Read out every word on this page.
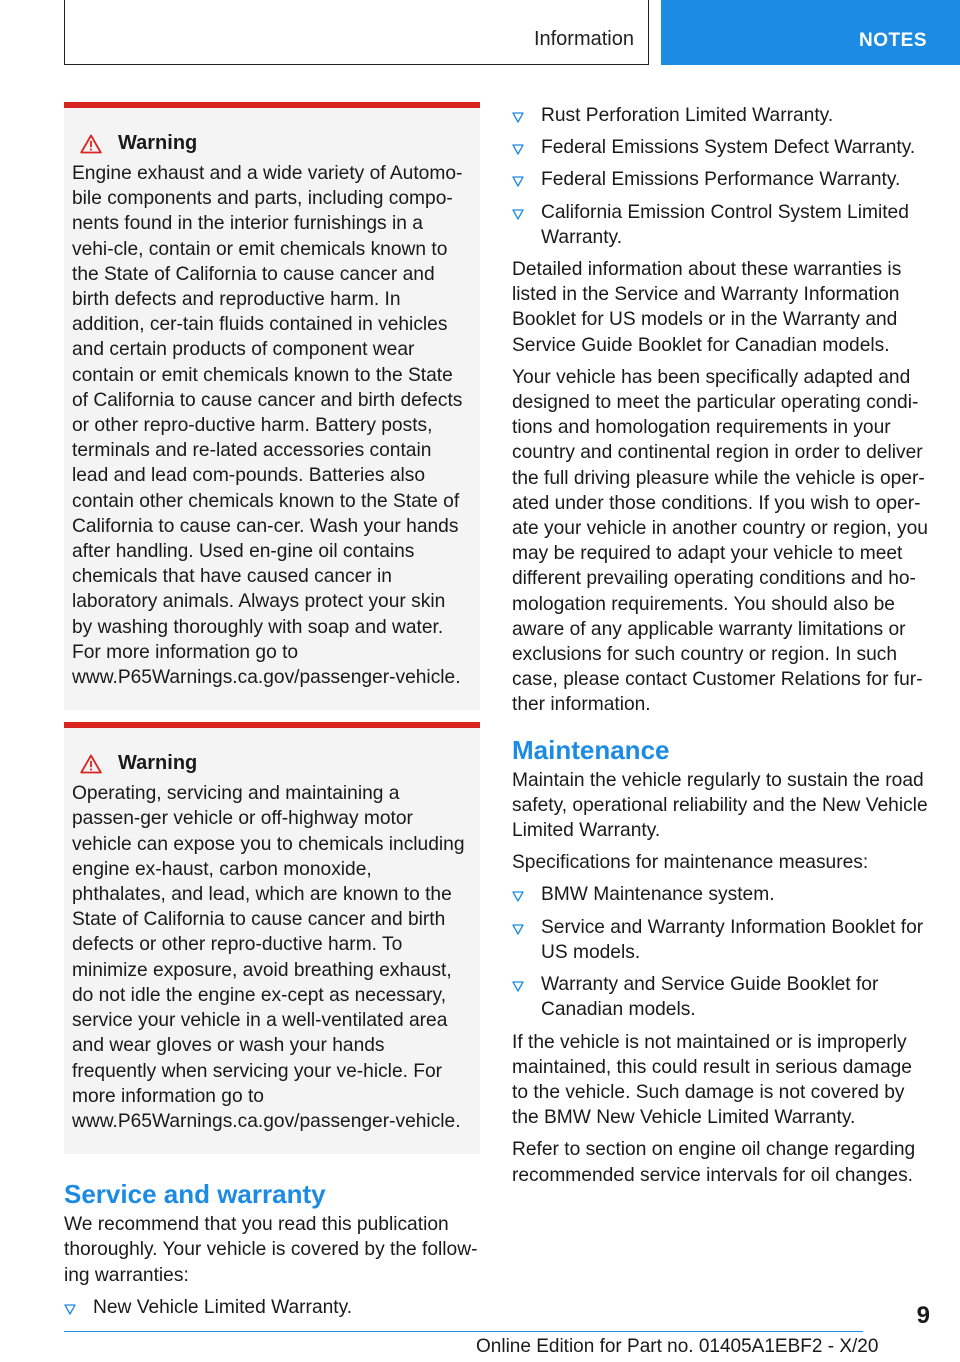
Information	NOTES
Warning
Engine exhaust and a wide variety of Automo-bile components and parts, including compo-nents found in the interior furnishings in a vehi-cle, contain or emit chemicals known to the State of California to cause cancer and birth defects and reproductive harm. In addition, cer-tain fluids contained in vehicles and certain products of component wear contain or emit chemicals known to the State of California to cause cancer and birth defects or other repro-ductive harm. Battery posts, terminals and re-lated accessories contain lead and lead com-pounds. Batteries also contain other chemicals known to the State of California to cause can-cer. Wash your hands after handling. Used en-gine oil contains chemicals that have caused cancer in laboratory animals. Always protect your skin by washing thoroughly with soap and water. For more information go to www.P65Warnings.ca.gov/passenger-vehicle.
Warning
Operating, servicing and maintaining a passen-ger vehicle or off-highway motor vehicle can expose you to chemicals including engine ex-haust, carbon monoxide, phthalates, and lead, which are known to the State of California to cause cancer and birth defects or other repro-ductive harm. To minimize exposure, avoid breathing exhaust, do not idle the engine ex-cept as necessary, service your vehicle in a well-ventilated area and wear gloves or wash your hands frequently when servicing your ve-hicle. For more information go to www.P65Warnings.ca.gov/passenger-vehicle.
Service and warranty

We recommend that you read this publication thoroughly. Your vehicle is covered by the follow-ing warranties:

New Vehicle Limited Warranty.
Rust Perforation Limited Warranty.
Federal Emissions System Defect Warranty.
Federal Emissions Performance Warranty.
California Emission Control System Limited Warranty.

Detailed information about these warranties is listed in the Service and Warranty Information Booklet for US models or in the Warranty and Service Guide Booklet for Canadian models.

Your vehicle has been specifically adapted and designed to meet the particular operating condi-tions and homologation requirements in your country and continental region in order to deliver the full driving pleasure while the vehicle is oper-ated under those conditions. If you wish to oper-ate your vehicle in another country or region, you may be required to adapt your vehicle to meet different prevailing operating conditions and ho-mologation requirements. You should also be aware of any applicable warranty limitations or exclusions for such country or region. In such case, please contact Customer Relations for fur-ther information.

Maintenance

Maintain the vehicle regularly to sustain the road safety, operational reliability and the New Vehicle Limited Warranty.

Specifications for maintenance measures:

BMW Maintenance system.
Service and Warranty Information Booklet for US models.
Warranty and Service Guide Booklet for Canadian models.

If the vehicle is not maintained or is improperly maintained, this could result in serious damage to the vehicle. Such damage is not covered by the BMW New Vehicle Limited Warranty.

Refer to section on engine oil change regarding recommended service intervals for oil changes.

9
Online Edition for Part no. 01405A1EBF2 - X/20
